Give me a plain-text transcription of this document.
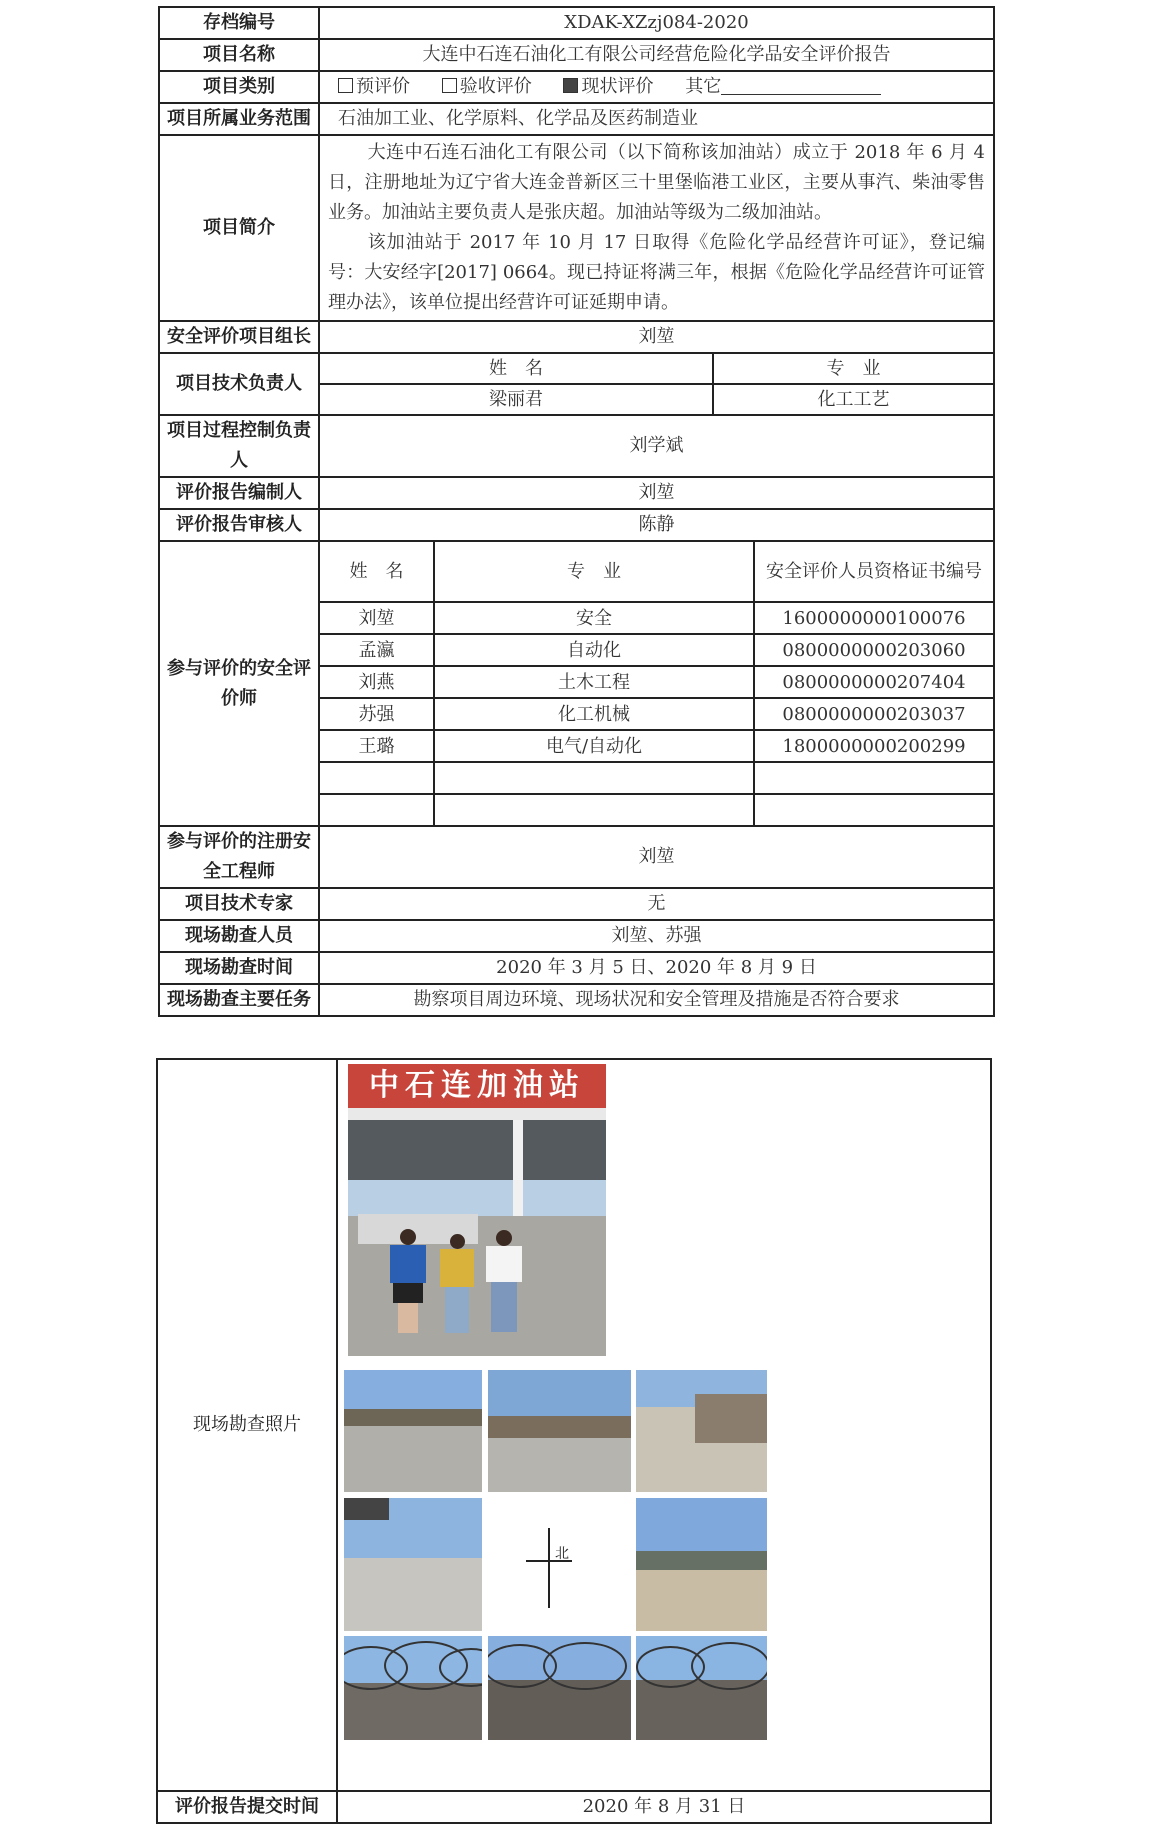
存档编号	XDAK-XZzj084-2020
项目名称	大连中石连石油化工有限公司经营危险化学品安全评价报告
项目类别	预评价	验收评价	现状评价 其它
项目所属业务范围	石油加工业、化学原料、化学品及医药制造业
项目简介	

大连中石连石油化工有限公司（以下简称该加油站）成立于 2018 年 6 月 4 日，注册地址为辽宁省大连金普新区三十里堡临港工业区，主要从事汽、柴油零售业务。加油站主要负责人是张庆超。加油站等级为二级加油站。

该加油站于 2017 年 10 月 17 日取得《危险化学品经营许可证》，登记编号：大安经字[2017] 0664。现已持证将满三年，根据《危险化学品经营许可证管理办法》，该单位提出经营许可证延期申请。

安全评价项目组长	刘堃
项目技术负责人	
姓　名	专　业
梁丽君	化工工艺

项目过程控制负责人	刘学斌
评价报告编制人	刘堃
评价报告审核人	陈静
参与评价的安全评价师	
姓　名	专　业	安全评价人员资格证书编号
刘堃	安全	1600000000100076
孟瀛	自动化	0800000000203060
刘燕	土木工程	0800000000207404
苏强	化工机械	0800000000203037
王璐	电气/自动化	1800000000200299

参与评价的注册安全工程师	刘堃
项目技术专家	无
现场勘查人员	刘堃、苏强
现场勘查时间	2020 年 3 月 5 日、2020 年 8 月 9 日
现场勘查主要任务	勘察项目周边环境、现场状况和安全管理及措施是否符合要求
现场勘查照片	中石连加油站
北

评价报告提交时间	2020 年 8 月 31 日
